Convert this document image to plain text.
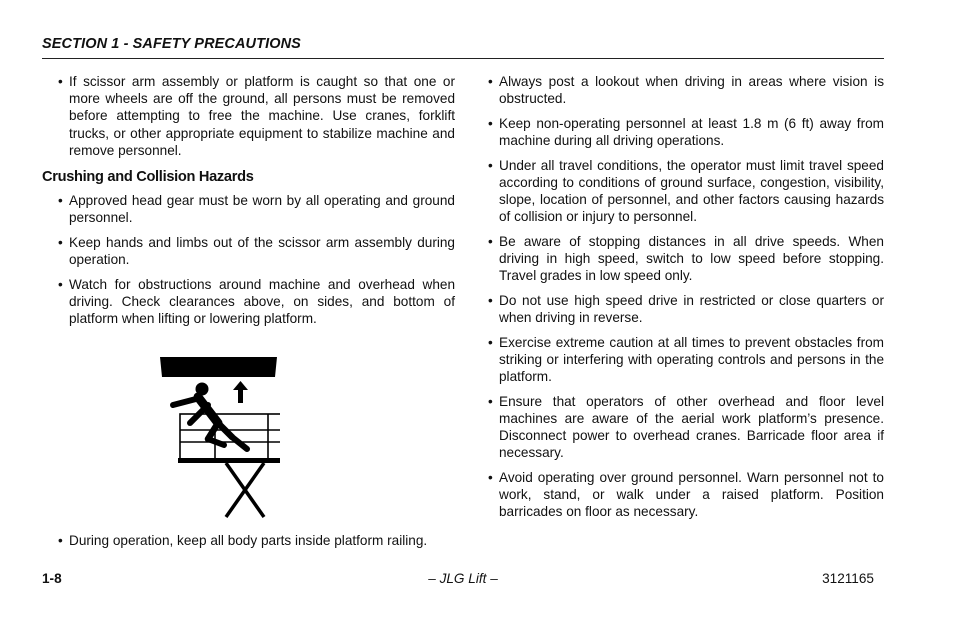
SECTION 1 - SAFETY PRECAUTIONS
• If scissor arm assembly or platform is caught so that one or more wheels are off the ground, all persons must be removed before attempting to free the machine. Use cranes, forklift trucks, or other appropriate equipment to stabilize machine and remove personnel.
Crushing and Collision Hazards
• Approved head gear must be worn by all operating and ground personnel.
• Keep hands and limbs out of the scissor arm assembly during operation.
• Watch for obstructions around machine and overhead when driving. Check clearances above, on sides, and bottom of platform when lifting or lowering platform.
• During operation, keep all body parts inside platform railing.
• Always post a lookout when driving in areas where vision is obstructed.
• Keep non-operating personnel at least 1.8 m (6 ft) away from machine during all driving operations.
• Under all travel conditions, the operator must limit travel speed according to conditions of ground surface, congestion, visibility, slope, location of personnel, and other factors causing hazards of collision or injury to personnel.
• Be aware of stopping distances in all drive speeds. When driving in high speed, switch to low speed before stopping. Travel grades in low speed only.
• Do not use high speed drive in restricted or close quarters or when driving in reverse.
• Exercise extreme caution at all times to prevent obstacles from striking or interfering with operating controls and persons in the platform.
• Ensure that operators of other overhead and floor level machines are aware of the aerial work platform’s presence. Disconnect power to overhead cranes. Barricade floor area if necessary.
• Avoid operating over ground personnel. Warn personnel not to work, stand, or walk under a raised platform. Position barricades on floor as necessary.
1-8	– JLG Lift –	3121165
